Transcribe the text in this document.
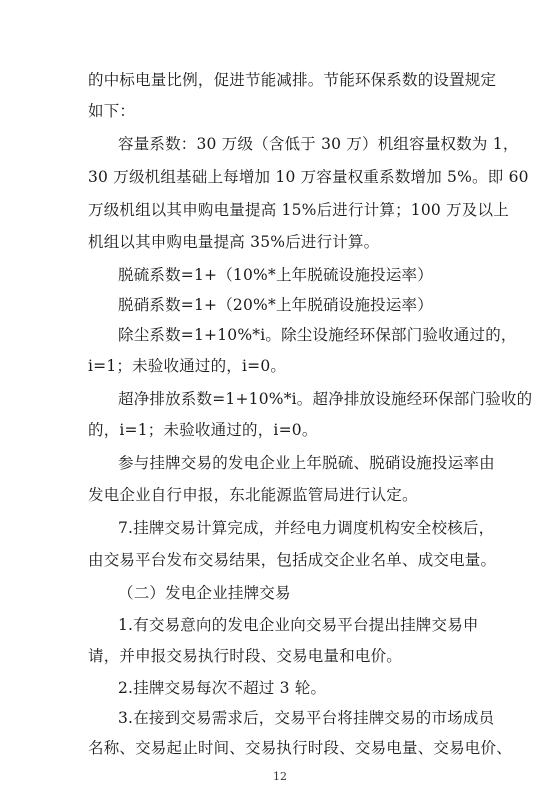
的中标电量比例，促进节能减排。节能环保系数的设置规定
如下：
容量系数：30 万级（含低于 30 万）机组容量权数为 1，
30 万级机组基础上每增加 10 万容量权重系数增加 5%。即 60
万级机组以其申购电量提高 15%后进行计算；100 万及以上
机组以其申购电量提高 35%后进行计算。
脱硫系数=1+（10%*上年脱硫设施投运率）
脱硝系数=1+（20%*上年脱硝设施投运率）
除尘系数=1+10%*i。除尘设施经环保部门验收通过的，
i=1；未验收通过的，i=0。
超净排放系数=1+10%*i。超净排放设施经环保部门验收的
的，i=1；未验收通过的，i=0。
参与挂牌交易的发电企业上年脱硫、脱硝设施投运率由
发电企业自行申报，东北能源监管局进行认定。
7.挂牌交易计算完成，并经电力调度机构安全校核后，
由交易平台发布交易结果，包括成交企业名单、成交电量。
（二）发电企业挂牌交易
1.有交易意向的发电企业向交易平台提出挂牌交易申
请，并申报交易执行时段、交易电量和电价。
2.挂牌交易每次不超过 3 轮。
3.在接到交易需求后，交易平台将挂牌交易的市场成员
名称、交易起止时间、交易执行时段、交易电量、交易电价、
12
